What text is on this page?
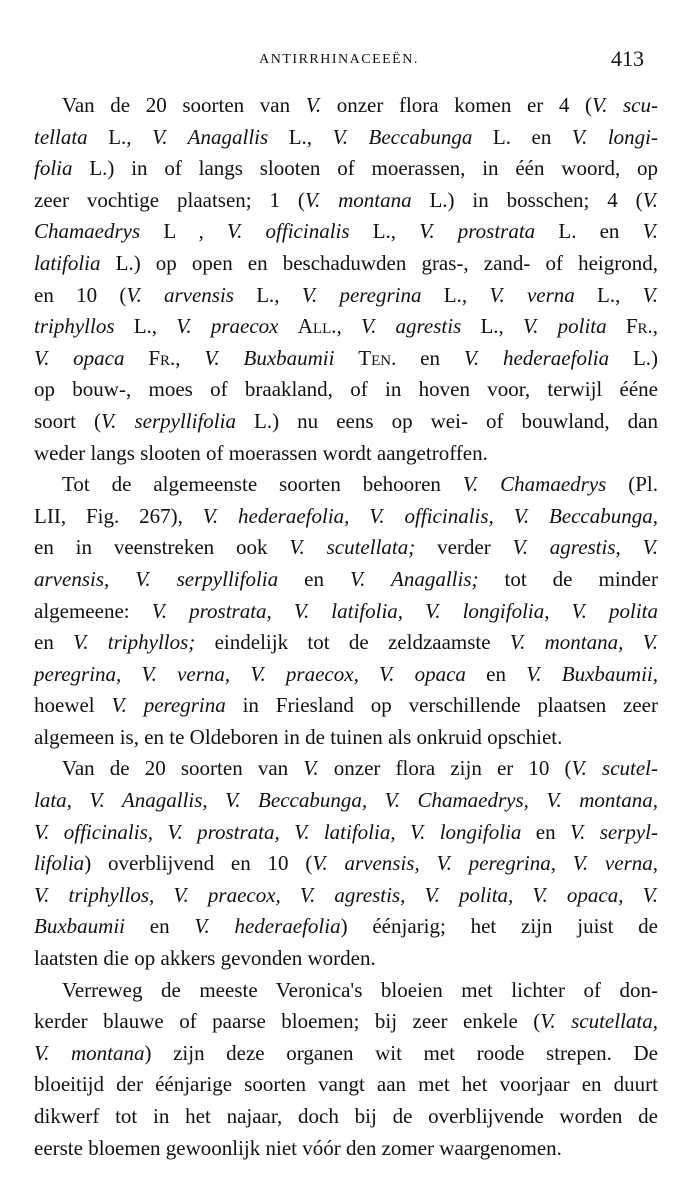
ANTIRRHINACEEËN.	413
Van de 20 soorten van V. onzer flora komen er 4 (V. scu-
tellata L., V. Anagallis L., V. Beccabunga L. en V. longi-
folia L.) in of langs slooten of moerassen, in één woord, op
zeer vochtige plaatsen; 1 (V. montana L.) in bosschen; 4 (V.
Chamaedrys L , V. officinalis L., V. prostrata L. en V.
latifolia L.) op open en beschaduwden gras-, zand- of heigrond,
en 10 (V. arvensis L., V. peregrina L., V. verna L., V.
triphyllos L., V. praecox All., V. agrestis L., V. polita Fr.,
V. opaca Fr., V. Buxbaumii Ten. en V. hederaefolia L.)
op bouw-, moes of braakland, of in hoven voor, terwijl ééne
soort (V. serpyllifolia L.) nu eens op wei- of bouwland, dan
weder langs slooten of moerassen wordt aangetroffen.
Tot de algemeenste soorten behooren V. Chamaedrys (Pl.
LII, Fig. 267), V. hederaefolia, V. officinalis, V. Beccabunga,
en in veenstreken ook V. scutellata; verder V. agrestis, V.
arvensis, V. serpyllifolia en V. Anagallis; tot de minder
algemeene: V. prostrata, V. latifolia, V. longifolia, V. polita
en V. triphyllos; eindelijk tot de zeldzaamste V. montana, V.
peregrina, V. verna, V. praecox, V. opaca en V. Buxbaumii,
hoewel V. peregrina in Friesland op verschillende plaatsen zeer
algemeen is, en te Oldeboren in de tuinen als onkruid opschiet.
Van de 20 soorten van V. onzer flora zijn er 10 (V. scutel-
lata, V. Anagallis, V. Beccabunga, V. Chamaedrys, V. montana,
V. officinalis, V. prostrata, V. latifolia, V. longifolia en V. serpyl-
lifolia) overblijvend en 10 (V. arvensis, V. peregrina, V. verna,
V. triphyllos, V. praecox, V. agrestis, V. polita, V. opaca, V.
Buxbaumii en V. hederaefolia) éénjarig; het zijn juist de
laatsten die op akkers gevonden worden.
Verreweg de meeste Veronica's bloeien met lichter of don-
kerder blauwe of paarse bloemen; bij zeer enkele (V. scutellata,
V. montana) zijn deze organen wit met roode strepen. De
bloeitijd der éénjarige soorten vangt aan met het voorjaar en duurt
dikwerf tot in het najaar, doch bij de overblijvende worden de
eerste bloemen gewoonlijk niet vóór den zomer waargenomen.
